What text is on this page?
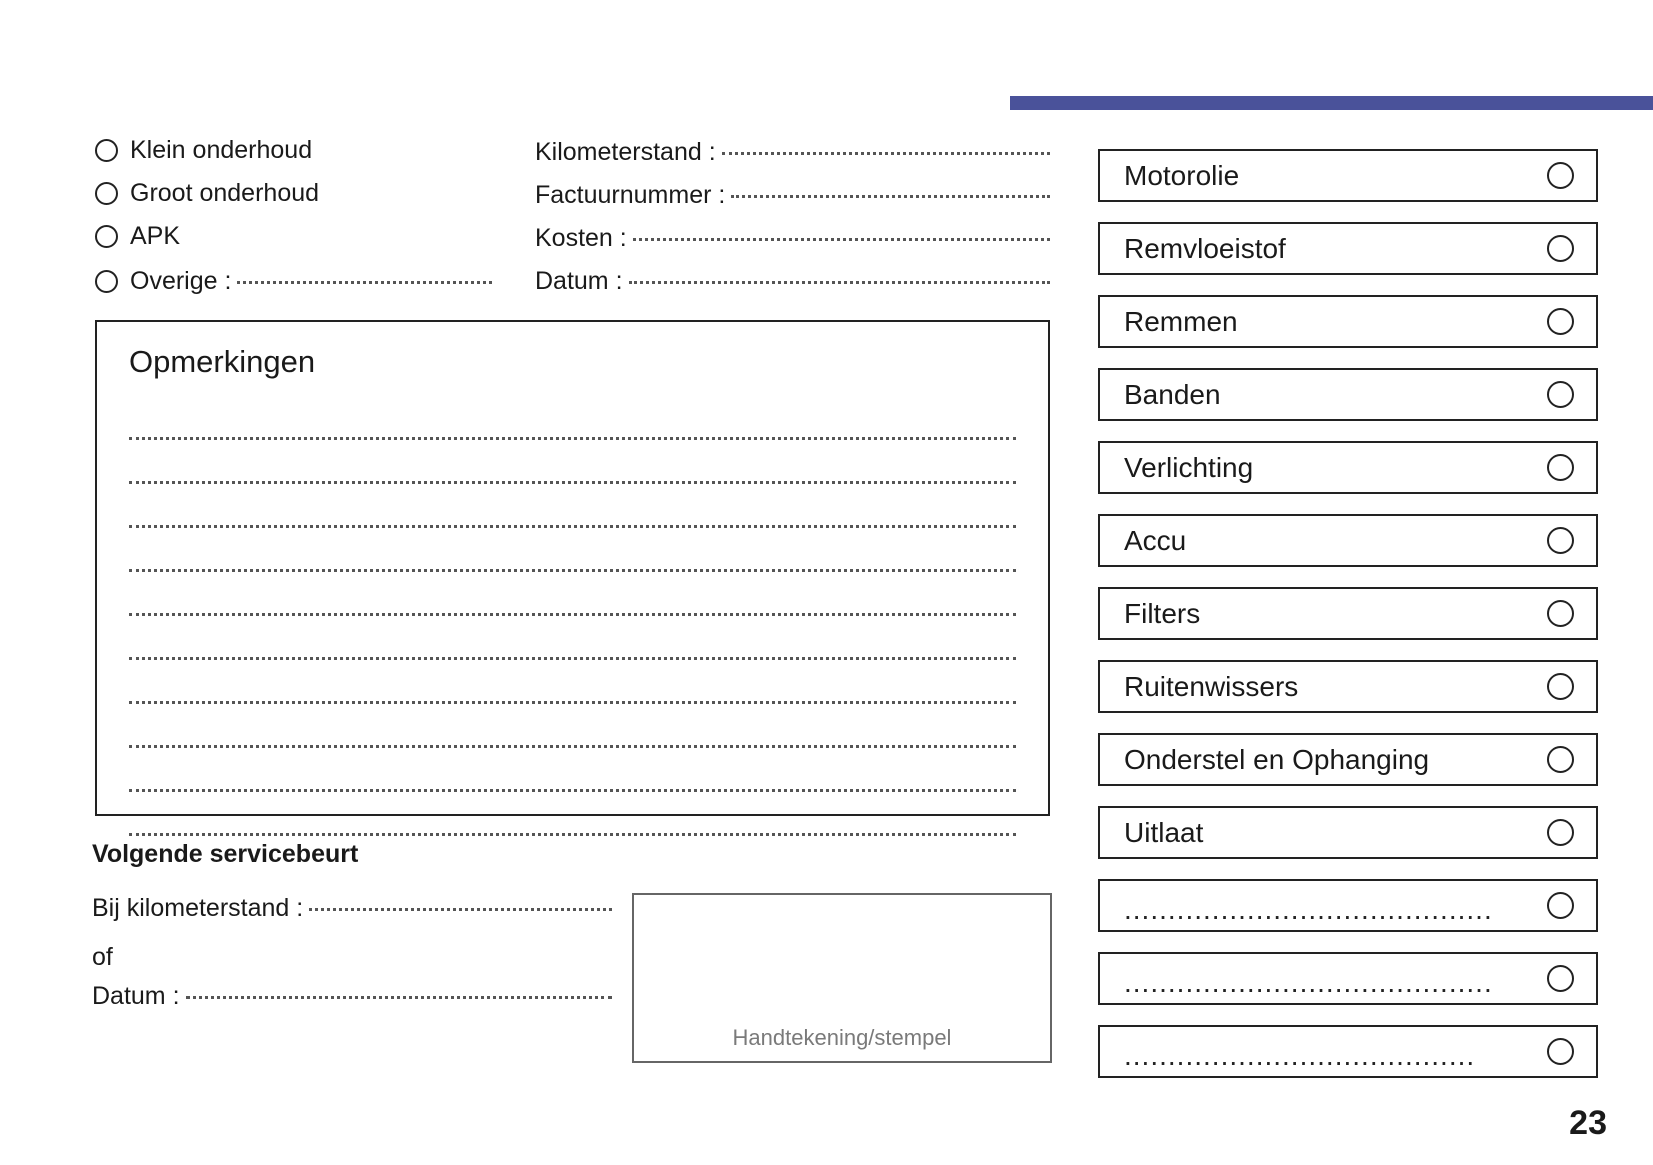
Klein onderhoud
Groot onderhoud
APK
Overige :
Kilometerstand :
Factuurnummer :
Kosten :
Datum :
Opmerkingen
Volgende servicebeurt
Bij kilometerstand :
of
Datum :
Handtekening/stempel
Motorolie
Remvloeistof
Remmen
Banden
Verlichting
Accu
Filters
Ruitenwissers
Onderstel en Ophanging
Uitlaat
..........................................
..........................................
........................................
23
